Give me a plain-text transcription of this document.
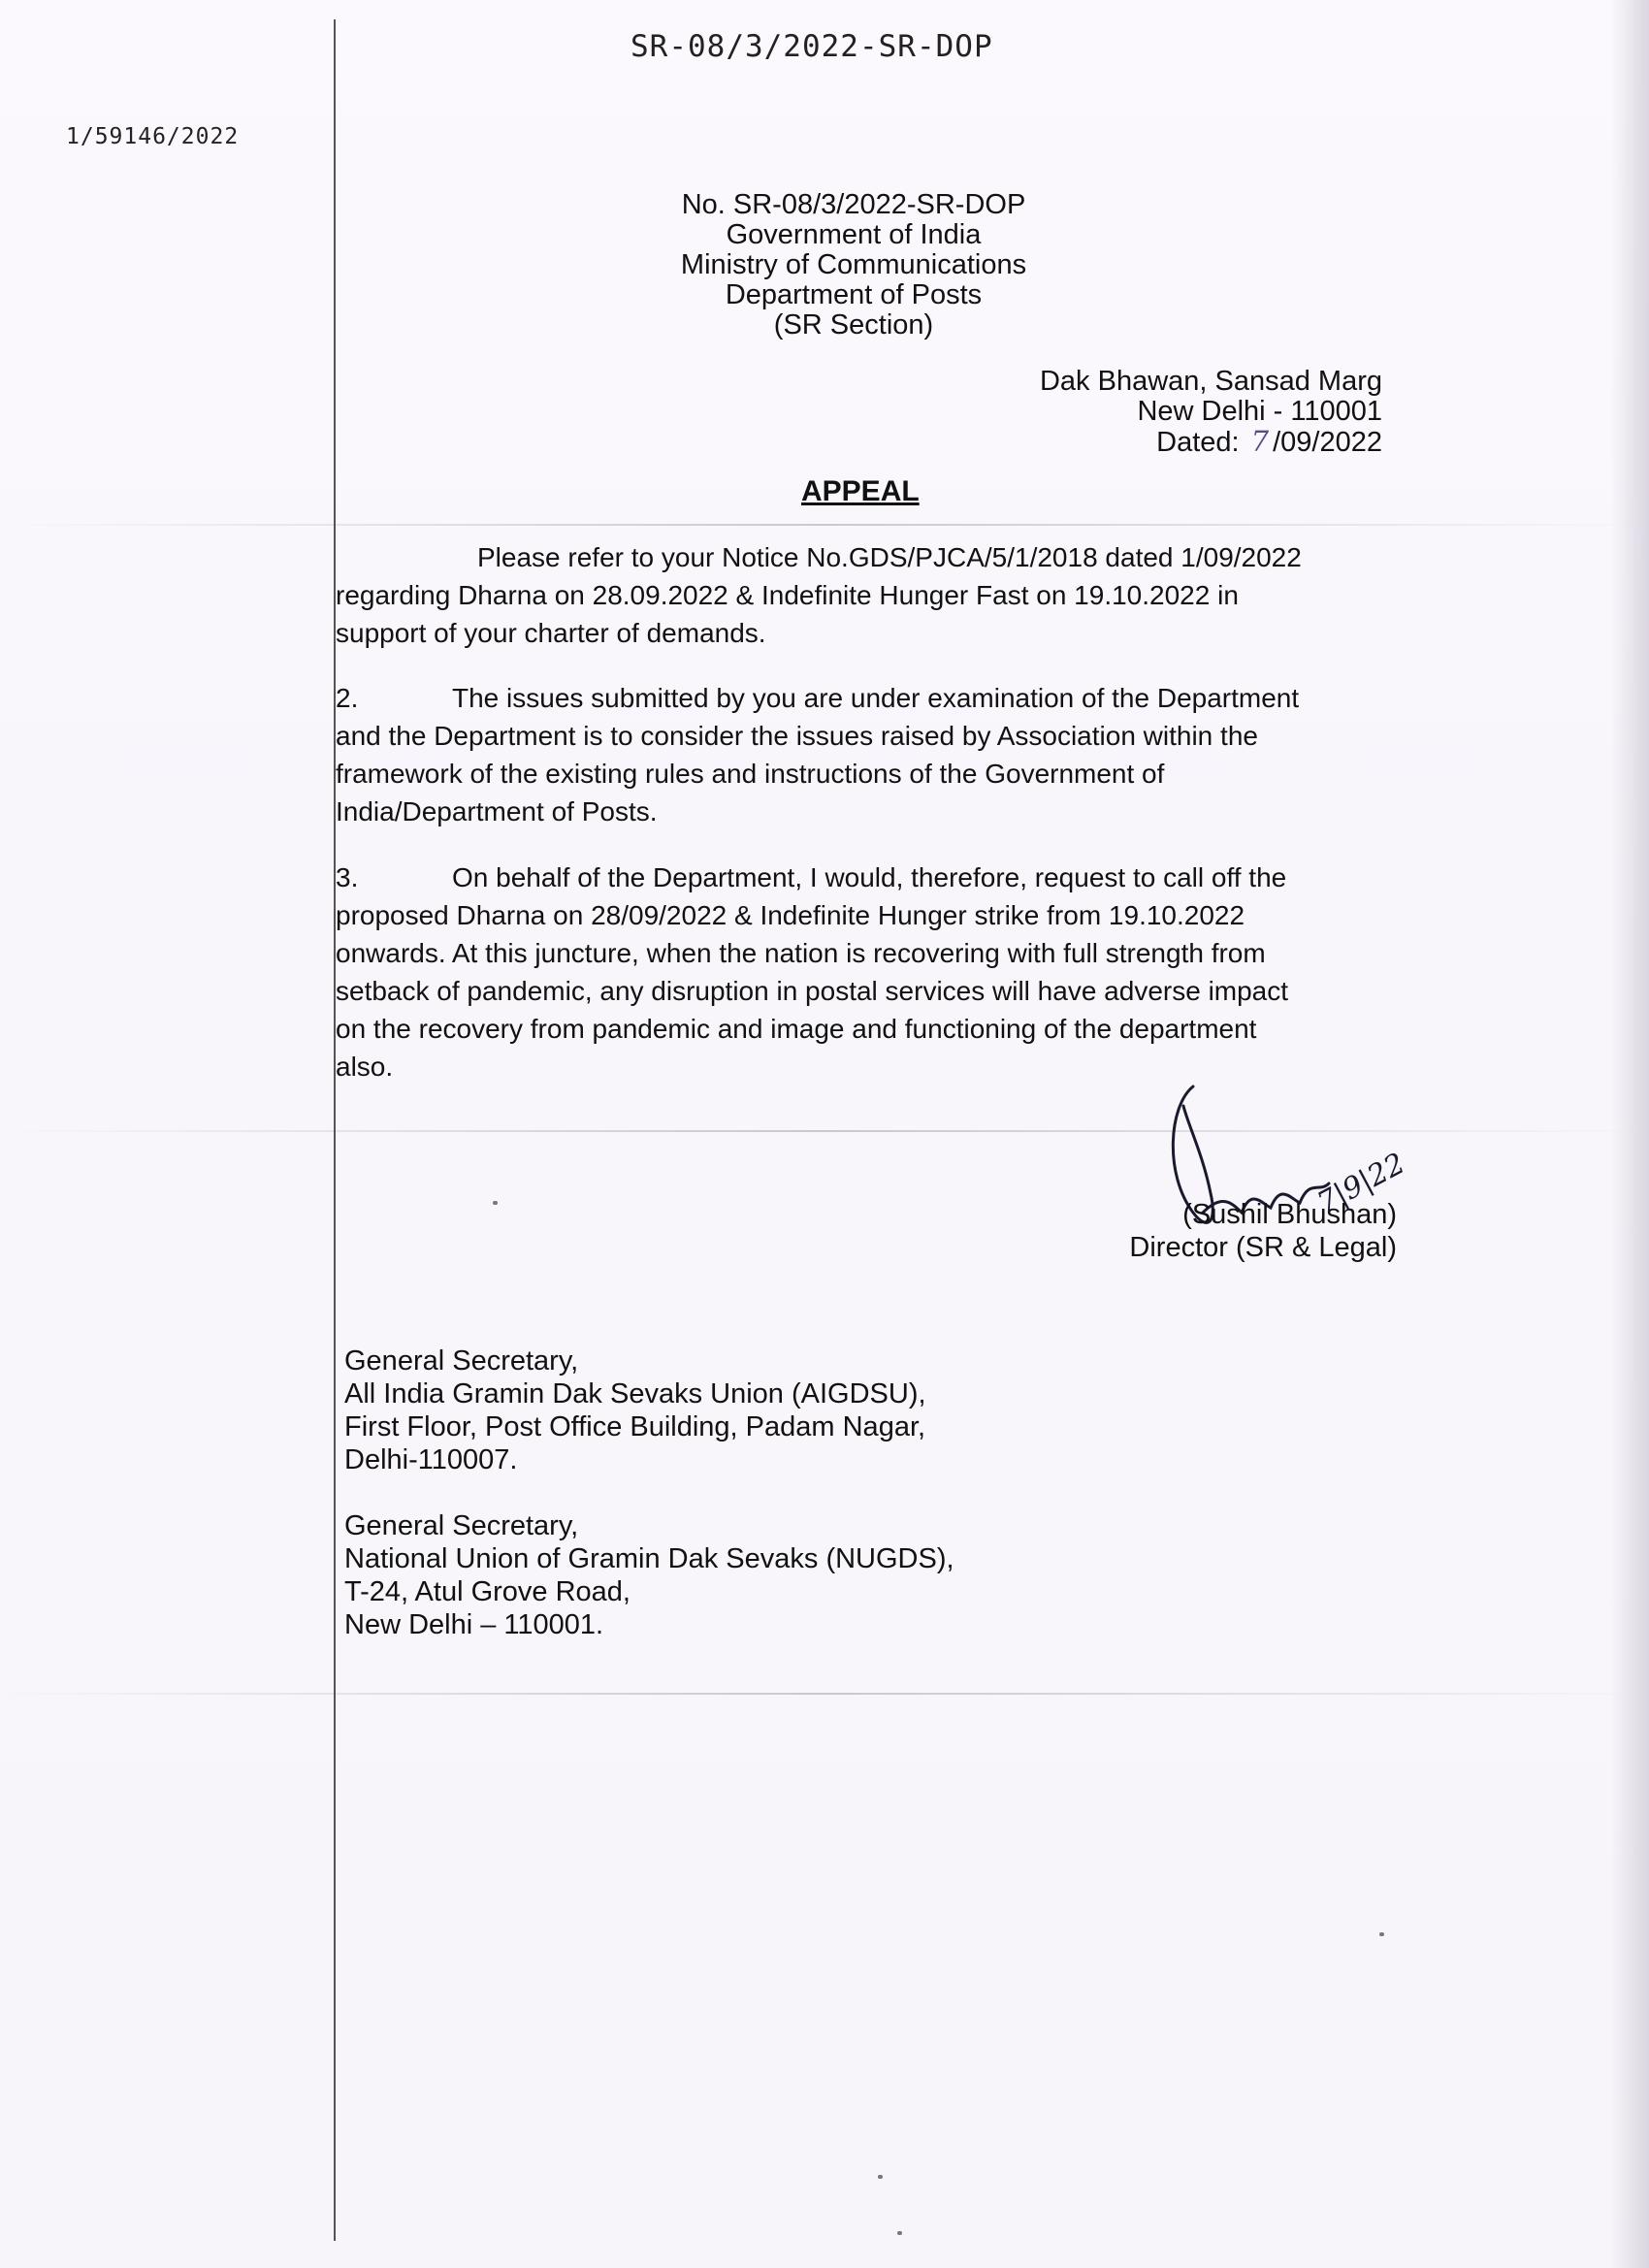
SR-08/3/2022-SR-DOP
1/59146/2022
No. SR-08/3/2022-SR-DOP
Government of India
Ministry of Communications
Department of Posts
(SR Section)
Dak Bhawan, Sansad Marg
New Delhi - 110001
Dated: 7 /09/2022
APPEAL

Please refer to your Notice No.GDS/PJCA/5/1/2018 dated 1/09/2022

regarding Dharna on 28.09.2022 & Indefinite Hunger Fast on 19.10.2022 in

support of your charter of demands.

2.	The issues submitted by you are under examination of the Department

and the Department is to consider the issues raised by Association within the

framework of the existing rules and instructions of the Government of

India/Department of Posts.

3.	On behalf of the Department, I would, therefore, request to call off the

proposed Dharna on 28/09/2022 & Indefinite Hunger strike from 19.10.2022

onwards. At this juncture, when the nation is recovering with full strength from

setback of pandemic, any disruption in postal services will have adverse impact

on the recovery from pandemic and image and functioning of the department

also.

7|9|22
(Sushil Bhushan)
Director (SR & Legal)
General Secretary,
All India Gramin Dak Sevaks Union (AIGDSU),
First Floor, Post Office Building, Padam Nagar,
Delhi-110007.
General Secretary,
National Union of Gramin Dak Sevaks (NUGDS),
T-24, Atul Grove Road,
New Delhi – 110001.
